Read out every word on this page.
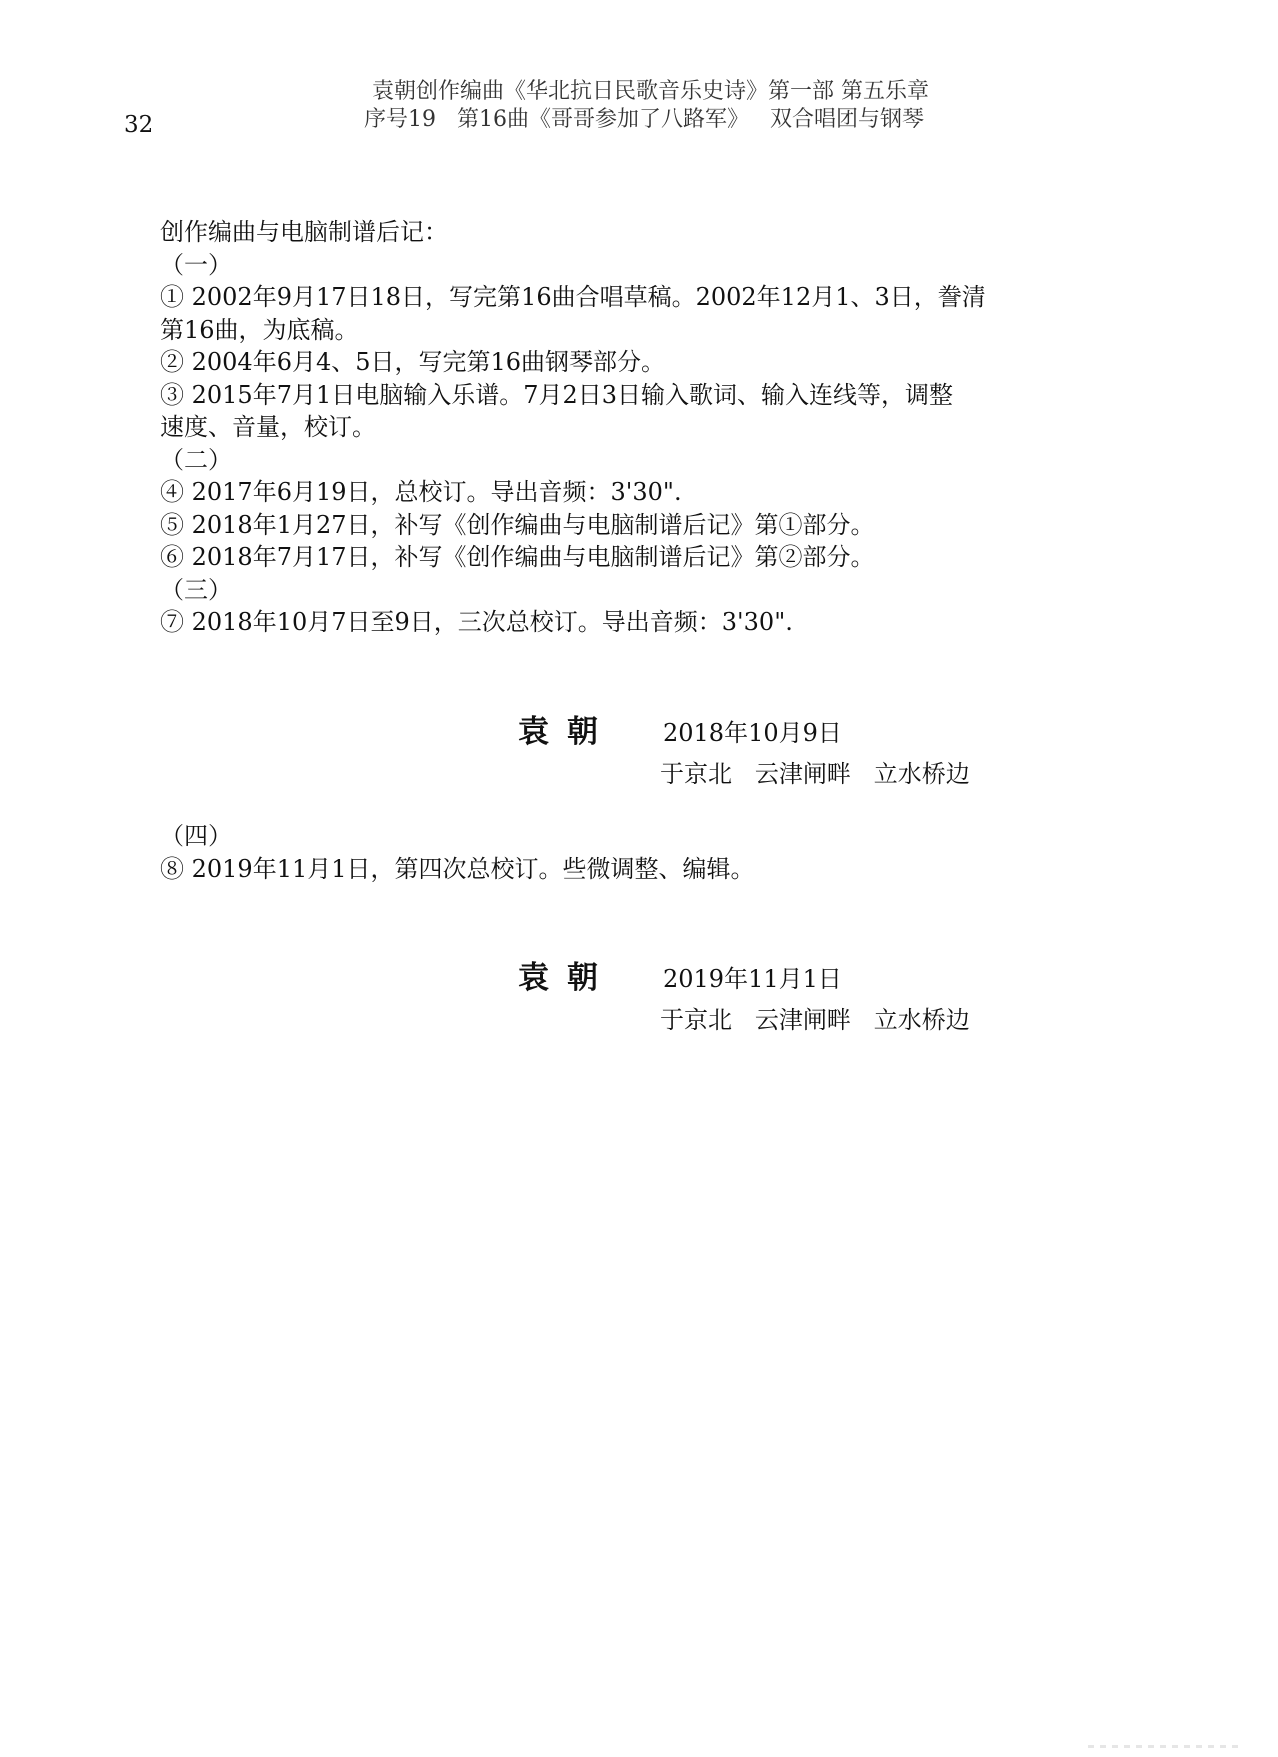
32
袁朝创作编曲《华北抗日民歌音乐史诗》第一部 第五乐章
序号19   第16曲《哥哥参加了八路军》   双合唱团与钢琴
创作编曲与电脑制谱后记：
（一）
① 2002年9月17日18日，写完第16曲合唱草稿。2002年12月1、3日，誊清
第16曲，为底稿。
② 2004年6月4、5日，写完第16曲钢琴部分。
③ 2015年7月1日电脑输入乐谱。7月2日3日输入歌词、输入连线等，调整
速度、音量，校订。
（二）
④ 2017年6月19日，总校订。导出音频：3'30".
⑤ 2018年1月27日，补写《创作编曲与电脑制谱后记》第①部分。
⑥ 2018年7月17日，补写《创作编曲与电脑制谱后记》第②部分。
（三）
⑦ 2018年10月7日至9日，三次总校订。导出音频：3'30".
袁朝 2018年10月9日
于京北   云津闸畔   立水桥边
（四）
⑧ 2019年11月1日，第四次总校订。些微调整、编辑。
袁朝 2019年11月1日
于京北   云津闸畔   立水桥边
